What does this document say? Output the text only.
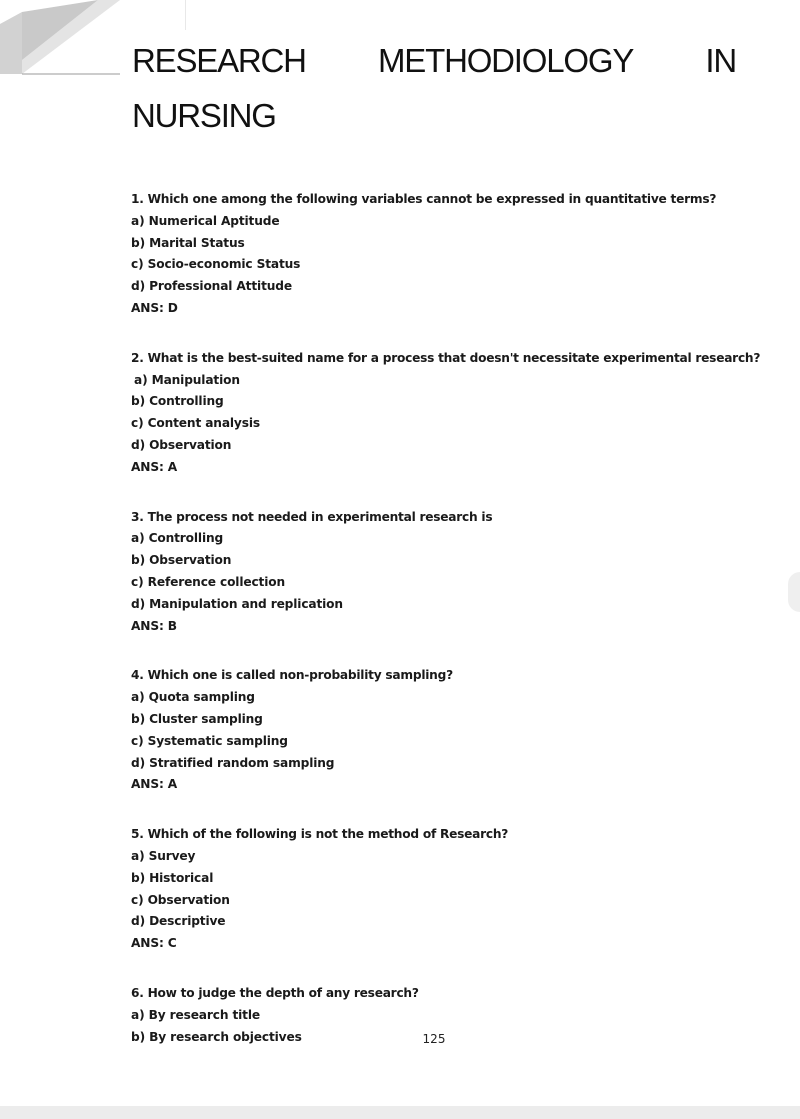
RESEARCH METHODIOLOGY IN
NURSING
1. Which one among the following variables cannot be expressed in quantitative terms?
a) Numerical Aptitude
b) Marital Status
c) Socio-economic Status
d) Professional Attitude
ANS: D
2. What is the best-suited name for a process that doesn't necessitate experimental research?
a) Manipulation
b) Controlling
c) Content analysis
d) Observation
ANS: A
3. The process not needed in experimental research is
a) Controlling
b) Observation
c) Reference collection
d) Manipulation and replication
ANS: B
4. Which one is called non-probability sampling?
a) Quota sampling
b) Cluster sampling
c) Systematic sampling
d) Stratified random sampling
ANS: A
5. Which of the following is not the method of Research?
a) Survey
b) Historical
c) Observation
d) Descriptive
ANS: C
6. How to judge the depth of any research?
a) By research title
b) By research objectives	125
